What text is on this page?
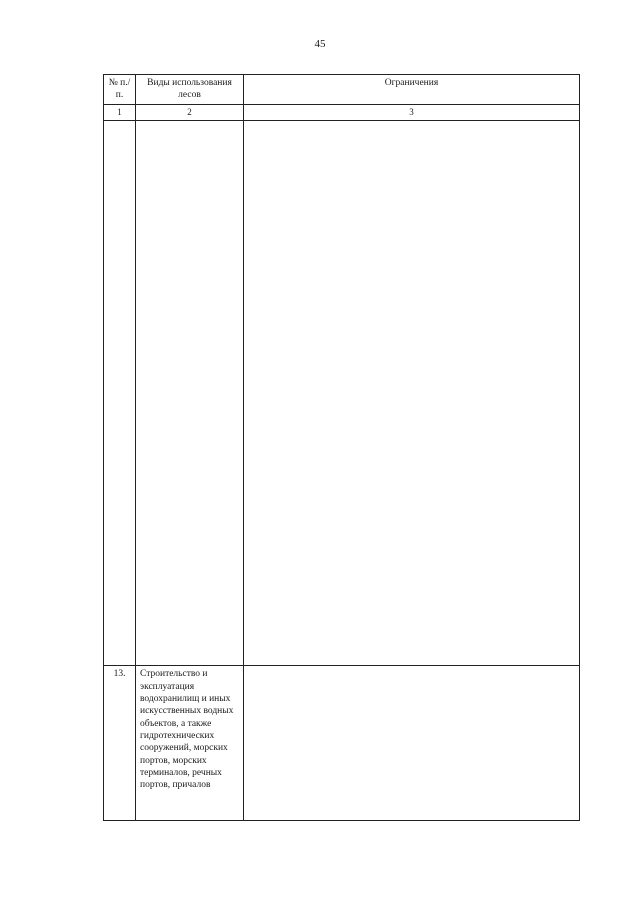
45
№ п./п.	Виды использования лесов	Ограничения
1	2	3

13.	Строительство и эксплуатация водохранилищ и иных искусственных водных объектов, а также гидротехнических сооружений, морских портов, морских терминалов, речных портов, причалов	
